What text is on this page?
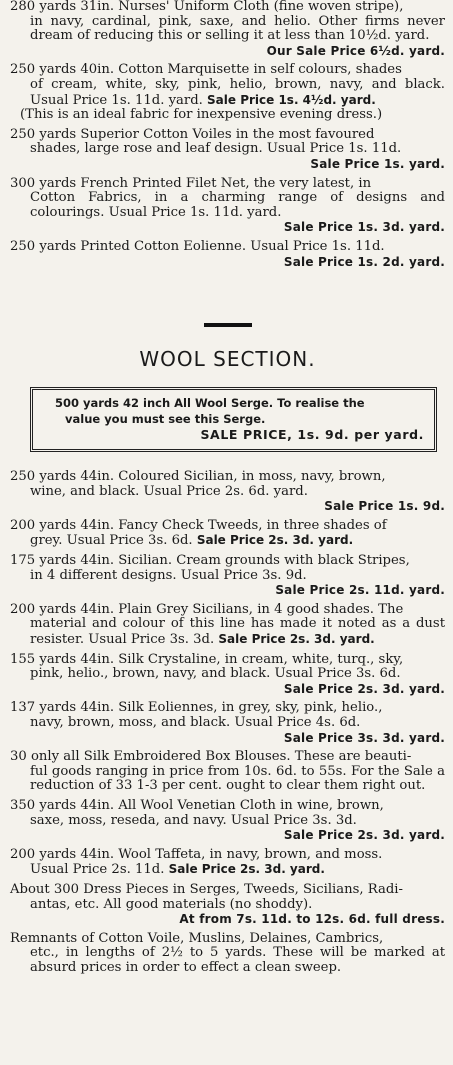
280 yards 31in. Nurses' Uniform Cloth (fine woven stripe),
in navy, cardinal, pink, saxe, and helio. Other firms never dream of reducing this or selling it at less than 10½d. yard.
Our Sale Price 6½d. yard.
250 yards 40in. Cotton Marquisette in self colours, shades
of cream, white, sky, pink, helio, brown, navy, and black. Usual Price 1s. 11d. yard. Sale Price 1s. 4½d. yard.
(This is an ideal fabric for inexpensive evening dress.)
250 yards Superior Cotton Voiles in the most favoured
shades, large rose and leaf design. Usual Price 1s. 11d.
Sale Price 1s. yard.
300 yards French Printed Filet Net, the very latest, in
Cotton Fabrics, in a charming range of designs and colourings. Usual Price 1s. 11d. yard.
Sale Price 1s. 3d. yard.
250 yards Printed Cotton Eolienne. Usual Price 1s. 11d.
Sale Price 1s. 2d. yard.
WOOL SECTION.
500 yards 42 inch All Wool Serge. To realise the
value you must see this Serge.
SALE PRICE, 1s. 9d. per yard.
250 yards 44in. Coloured Sicilian, in moss, navy, brown,
wine, and black. Usual Price 2s. 6d. yard.
Sale Price 1s. 9d.
200 yards 44in. Fancy Check Tweeds, in three shades of
grey. Usual Price 3s. 6d. Sale Price 2s. 3d. yard.
175 yards 44in. Sicilian. Cream grounds with black Stripes,
in 4 different designs. Usual Price 3s. 9d.
Sale Price 2s. 11d. yard.
200 yards 44in. Plain Grey Sicilians, in 4 good shades. The
material and colour of this line has made it noted as a dust resister. Usual Price 3s. 3d. Sale Price 2s. 3d. yard.
155 yards 44in. Silk Crystaline, in cream, white, turq., sky,
pink, helio., brown, navy, and black. Usual Price 3s. 6d.
Sale Price 2s. 3d. yard.
137 yards 44in. Silk Eoliennes, in grey, sky, pink, helio.,
navy, brown, moss, and black. Usual Price 4s. 6d.
Sale Price 3s. 3d. yard.
30 only all Silk Embroidered Box Blouses. These are beauti-
ful goods ranging in price from 10s. 6d. to 55s. For the Sale a reduction of 33 1-3 per cent. ought to clear them right out.
350 yards 44in. All Wool Venetian Cloth in wine, brown,
saxe, moss, reseda, and navy. Usual Price 3s. 3d.
Sale Price 2s. 3d. yard.
200 yards 44in. Wool Taffeta, in navy, brown, and moss.
Usual Price 2s. 11d. Sale Price 2s. 3d. yard.
About 300 Dress Pieces in Serges, Tweeds, Sicilians, Radi-
antas, etc. All good materials (no shoddy).
At from 7s. 11d. to 12s. 6d. full dress.
Remnants of Cotton Voile, Muslins, Delaines, Cambrics,
etc., in lengths of 2½ to 5 yards. These will be marked at absurd prices in order to effect a clean sweep.
